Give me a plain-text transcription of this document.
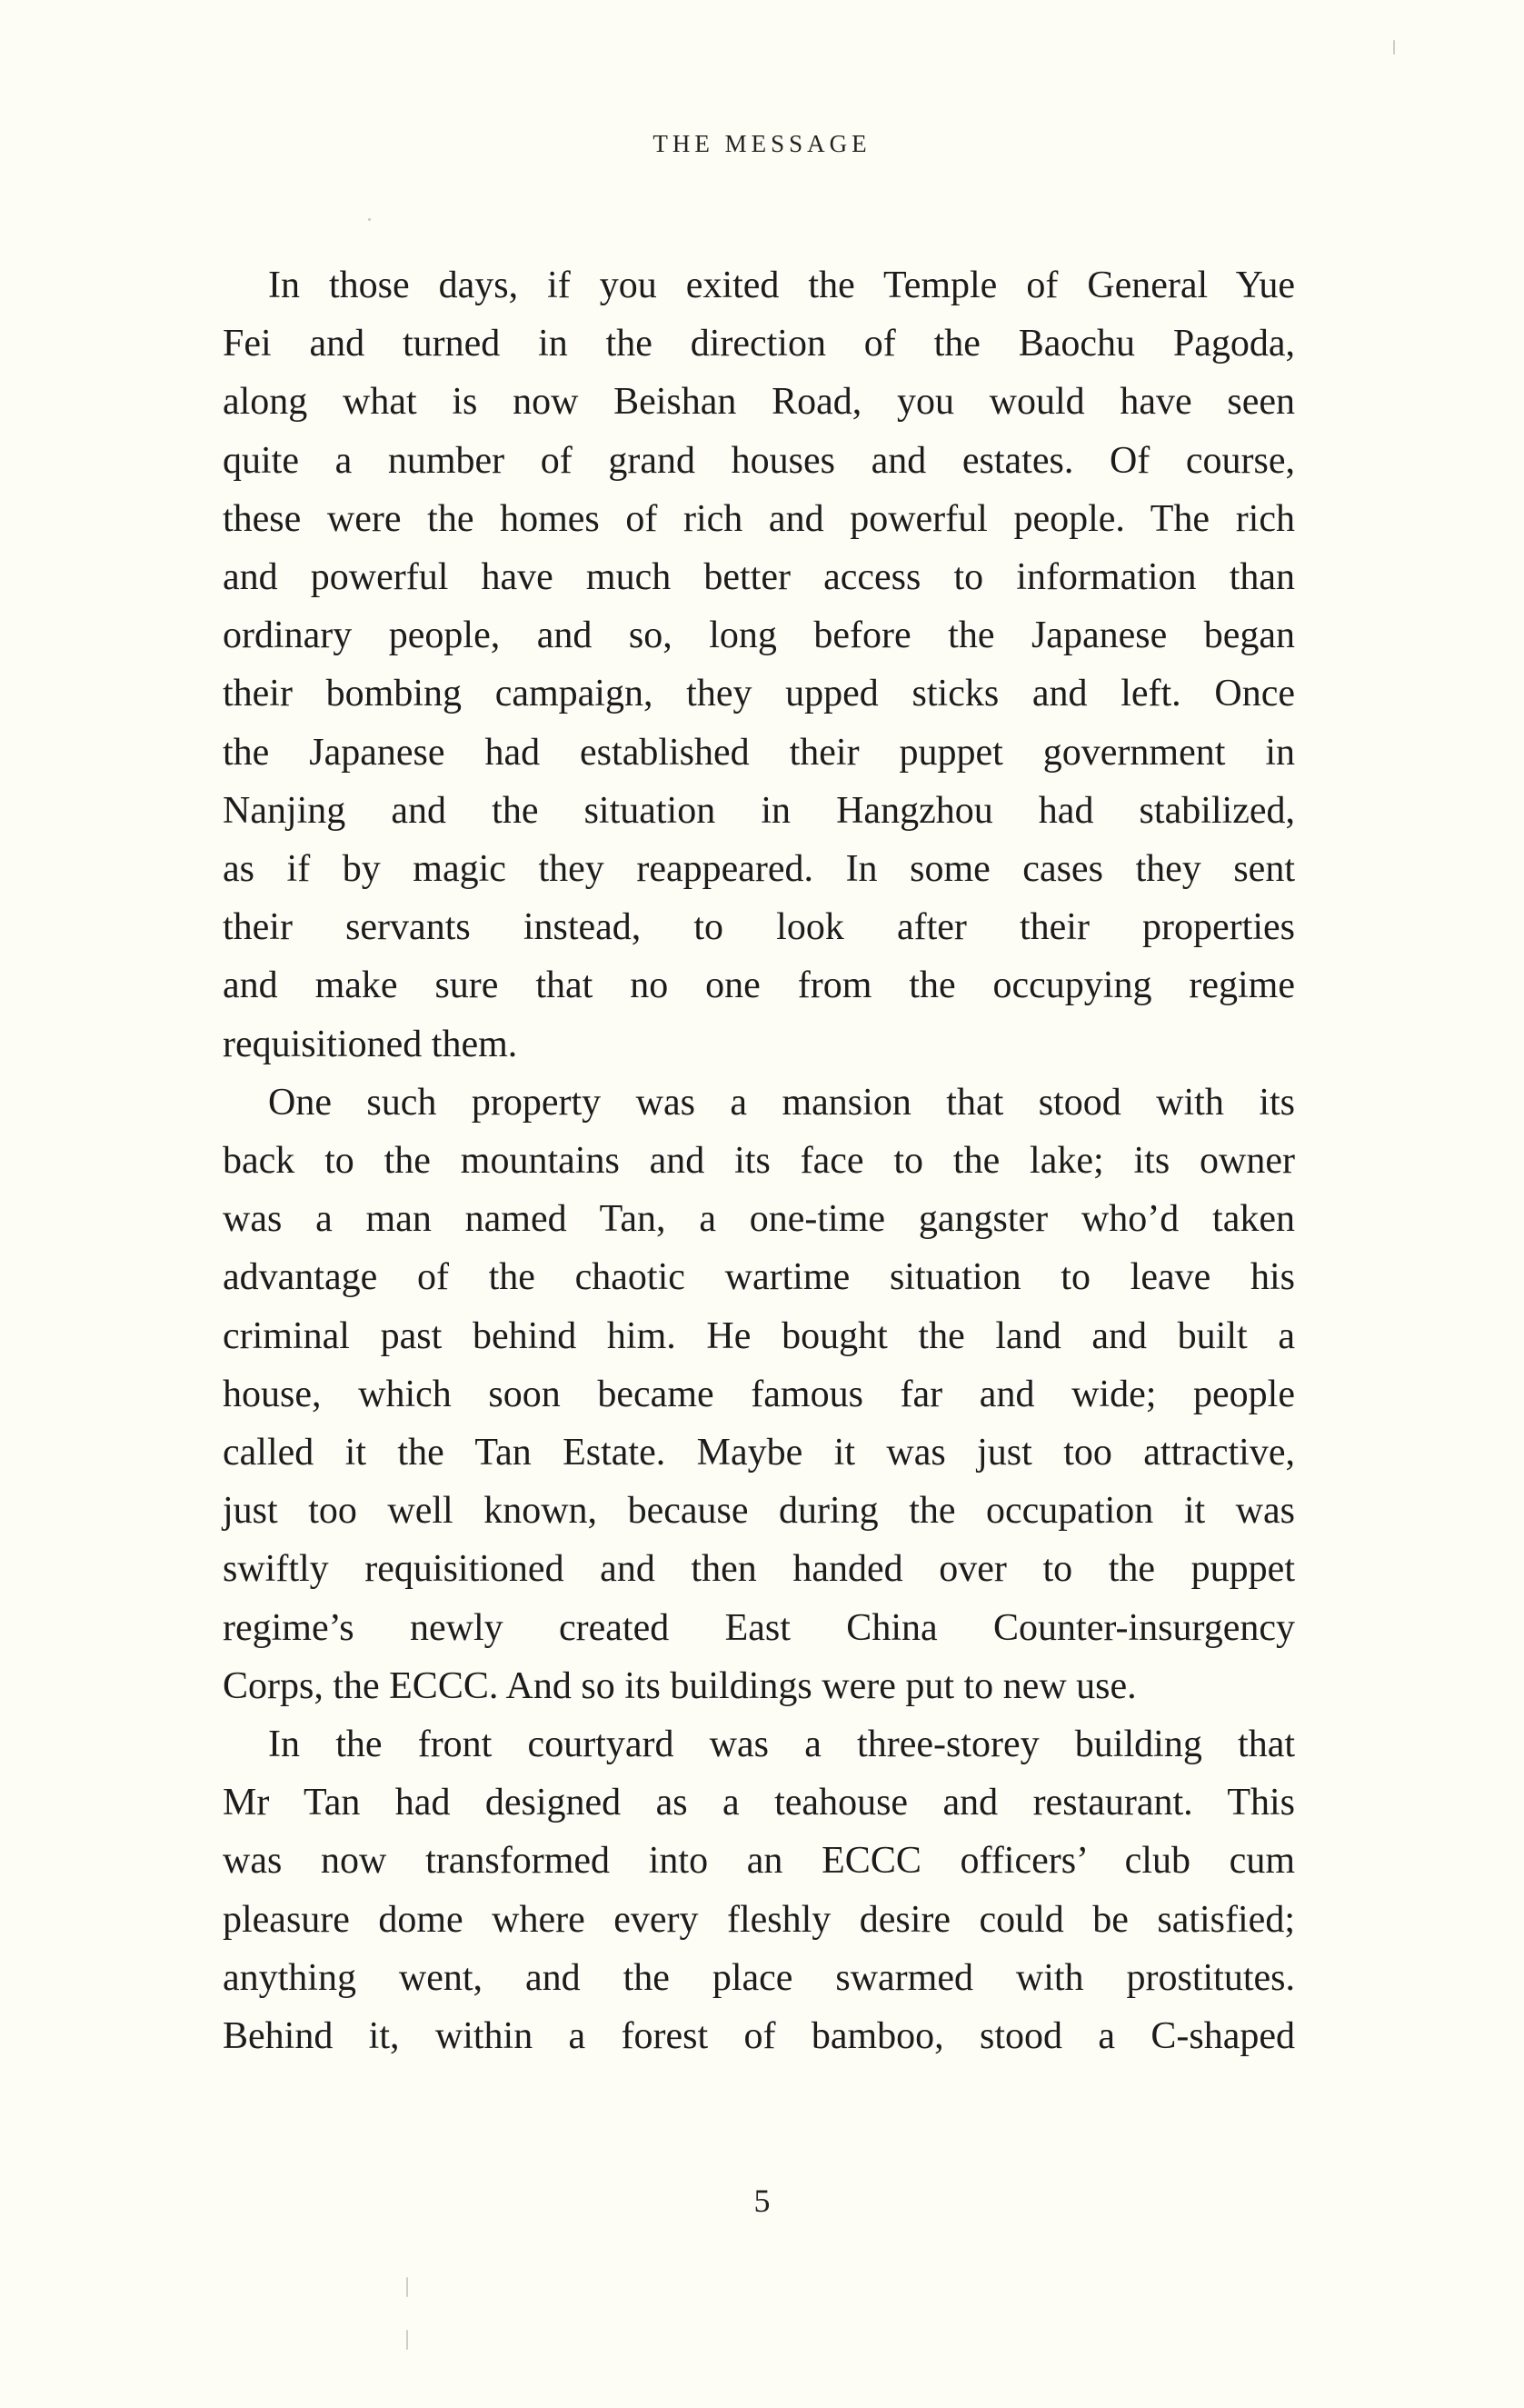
THE MESSAGE
In those days, if you exited the Temple of General Yue
Fei and turned in the direction of the Baochu Pagoda,
along what is now Beishan Road, you would have seen
quite a number of grand houses and estates. Of course,
these were the homes of rich and powerful people. The rich
and powerful have much better access to information than
ordinary people, and so, long before the Japanese began
their bombing campaign, they upped sticks and left. Once
the Japanese had established their puppet government in
Nanjing and the situation in Hangzhou had stabilized,
as if by magic they reappeared. In some cases they sent
their servants instead, to look after their properties
and make sure that no one from the occupying regime
requisitioned them.
One such property was a mansion that stood with its
back to the mountains and its face to the lake; its owner
was a man named Tan, a one-time gangster who’d taken
advantage of the chaotic wartime situation to leave his
criminal past behind him. He bought the land and built a
house, which soon became famous far and wide; people
called it the Tan Estate. Maybe it was just too attractive,
just too well known, because during the occupation it was
swiftly requisitioned and then handed over to the puppet
regime’s newly created East China Counter-insurgency
Corps, the ECCC. And so its buildings were put to new use.
In the front courtyard was a three-storey building that
Mr Tan had designed as a teahouse and restaurant. This
was now transformed into an ECCC officers’ club cum
pleasure dome where every fleshly desire could be satisfied;
anything went, and the place swarmed with prostitutes.
Behind it, within a forest of bamboo, stood a C-shaped
5
